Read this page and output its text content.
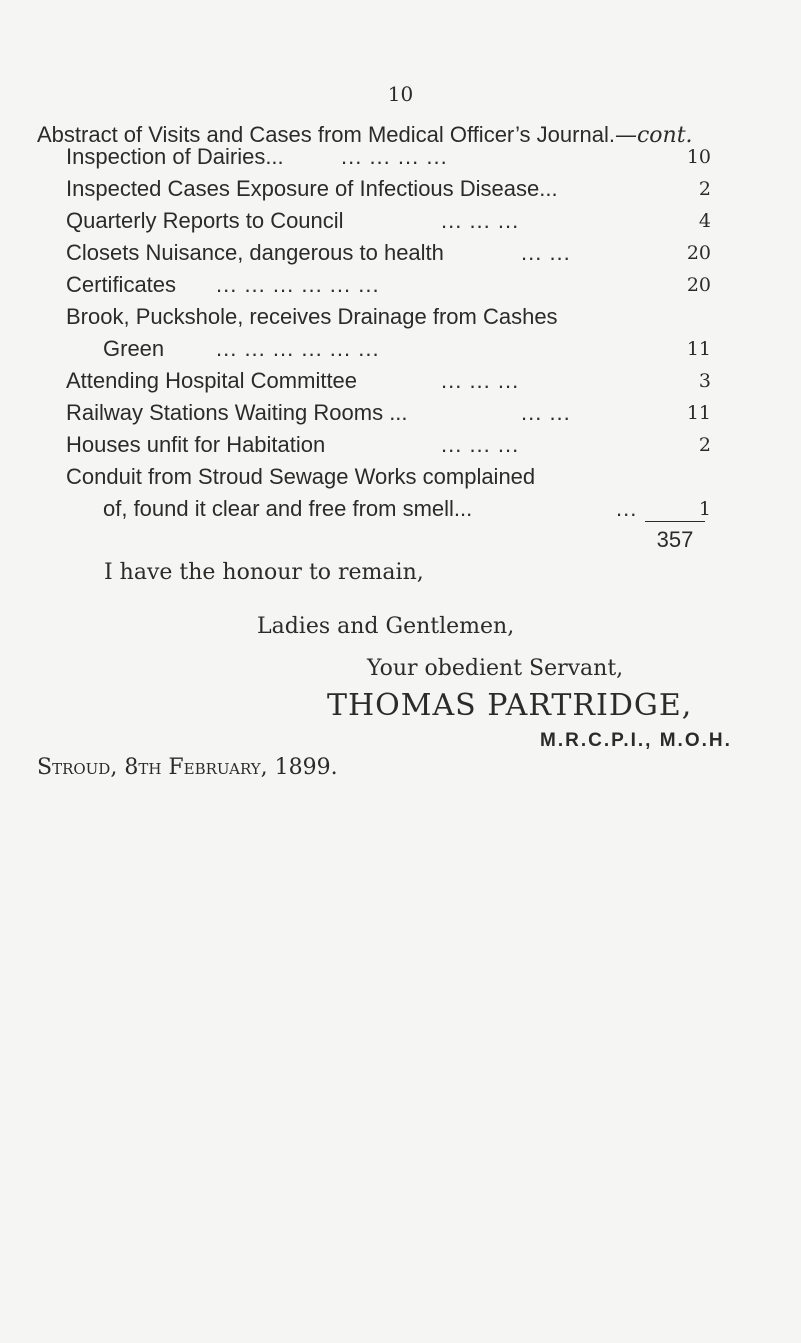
10
Abstract of Visits and Cases from Medical Officer’s Journal.—cont.
Inspection of Dairies...	... ... ... ...	10
Inspected Cases Exposure of Infectious Disease...	2
Quarterly Reports to Council	... ... ...	4
Closets Nuisance, dangerous to health	... ...	20
Certificates ... ... ... ... ... ...	20
Brook, Puckshole, receives Drainage from Cashes
Green ... ... ... ... ... ...	11
Attending Hospital Committee	... ... ...	3
Railway Stations Waiting Rooms ...	... ...	11
Houses unfit for Habitation	... ... ...	2
Conduit from Stroud Sewage Works complained
of, found it clear and free from smell...	...	1
357
I have the honour to remain,
Ladies and Gentlemen,
Your obedient Servant,
THOMAS PARTRIDGE,
M.R.C.P.I., M.O.H.
Stroud, 8th February, 1899.
